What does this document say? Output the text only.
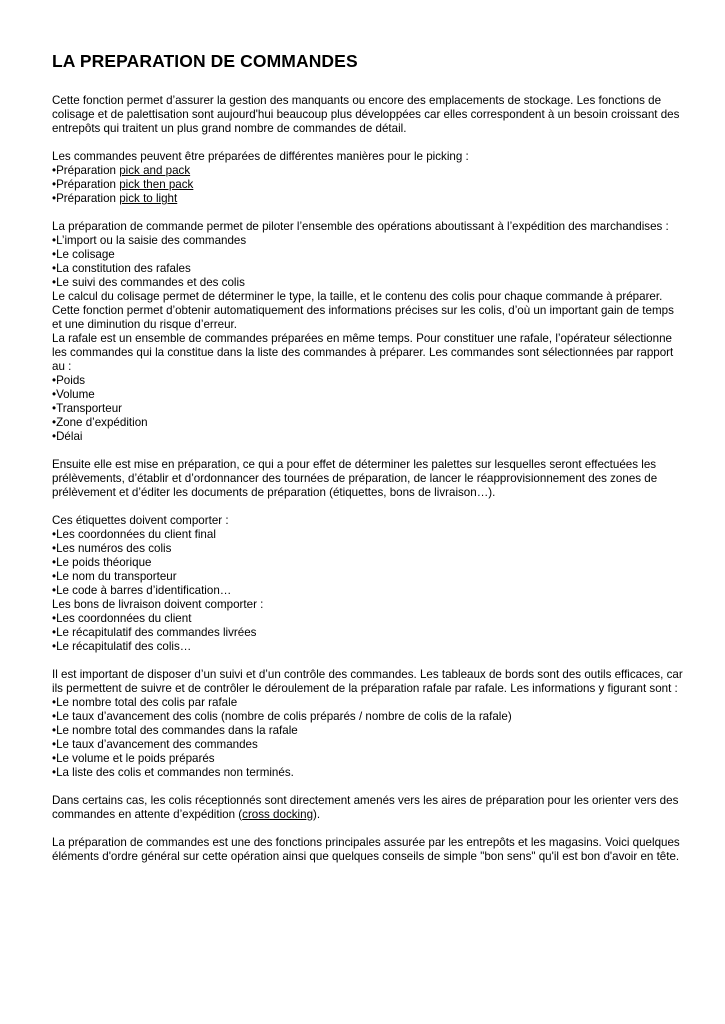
LA PREPARATION DE COMMANDES

Cette fonction permet d’assurer la gestion des manquants ou encore des emplacements de stockage. Les fonctions de colisage et de palettisation sont aujourd'hui beaucoup plus développées car elles correspondent à un besoin croissant des entrepôts qui traitent un plus grand nombre de commandes de détail.

Les commandes peuvent être préparées de différentes manières pour le picking :

• Préparation pick and pack
• Préparation pick then pack
• Préparation pick to light

La préparation de commande permet de piloter l’ensemble des opérations aboutissant à l’expédition des marchandises :

• L’import ou la saisie des commandes
• Le colisage
• La constitution des rafales
• Le suivi des commandes et des colis

Le calcul du colisage permet de déterminer le type, la taille, et le contenu des colis pour chaque commande à préparer. Cette fonction permet d’obtenir automatiquement des informations précises sur les colis, d’où un important gain de temps et une diminution du risque d’erreur.

La rafale est un ensemble de commandes préparées en même temps. Pour constituer une rafale, l’opérateur sélectionne les commandes qui la constitue dans la liste des commandes à préparer. Les commandes sont sélectionnées par rapport au :

• Poids
• Volume
• Transporteur
• Zone d’expédition
• Délai

Ensuite elle est mise en préparation, ce qui a pour effet de déterminer les palettes sur lesquelles seront effectuées les prélèvements, d’établir et d’ordonnancer des tournées de préparation, de lancer le réapprovisionnement des zones de prélèvement et d’éditer les documents de préparation (étiquettes, bons de livraison…).

Ces étiquettes doivent comporter :

• Les coordonnées du client final
• Les numéros des colis
• Le poids théorique
• Le nom du transporteur
• Le code à barres d’identification…

Les bons de livraison doivent comporter :

• Les coordonnées du client
• Le récapitulatif des commandes livrées
• Le récapitulatif des colis…

Il est important de disposer d’un suivi et d’un contrôle des commandes. Les tableaux de bords sont des outils efficaces, car ils permettent de suivre et de contrôler le déroulement de la préparation rafale par rafale. Les informations y figurant sont :

• Le nombre total des colis par rafale
• Le taux d’avancement des colis (nombre de colis préparés / nombre de colis de la rafale)
• Le nombre total des commandes dans la rafale
• Le taux d’avancement des commandes
• Le volume et le poids préparés
• La liste des colis et commandes non terminés.

Dans certains cas, les colis réceptionnés sont directement amenés vers les aires de préparation pour les orienter vers des commandes en attente d’expédition (cross docking).

La préparation de commandes est une des fonctions principales assurée par les entrepôts et les magasins. Voici quelques éléments d'ordre général sur cette opération ainsi que quelques conseils de simple "bon sens" qu'il est bon d'avoir en tête.
